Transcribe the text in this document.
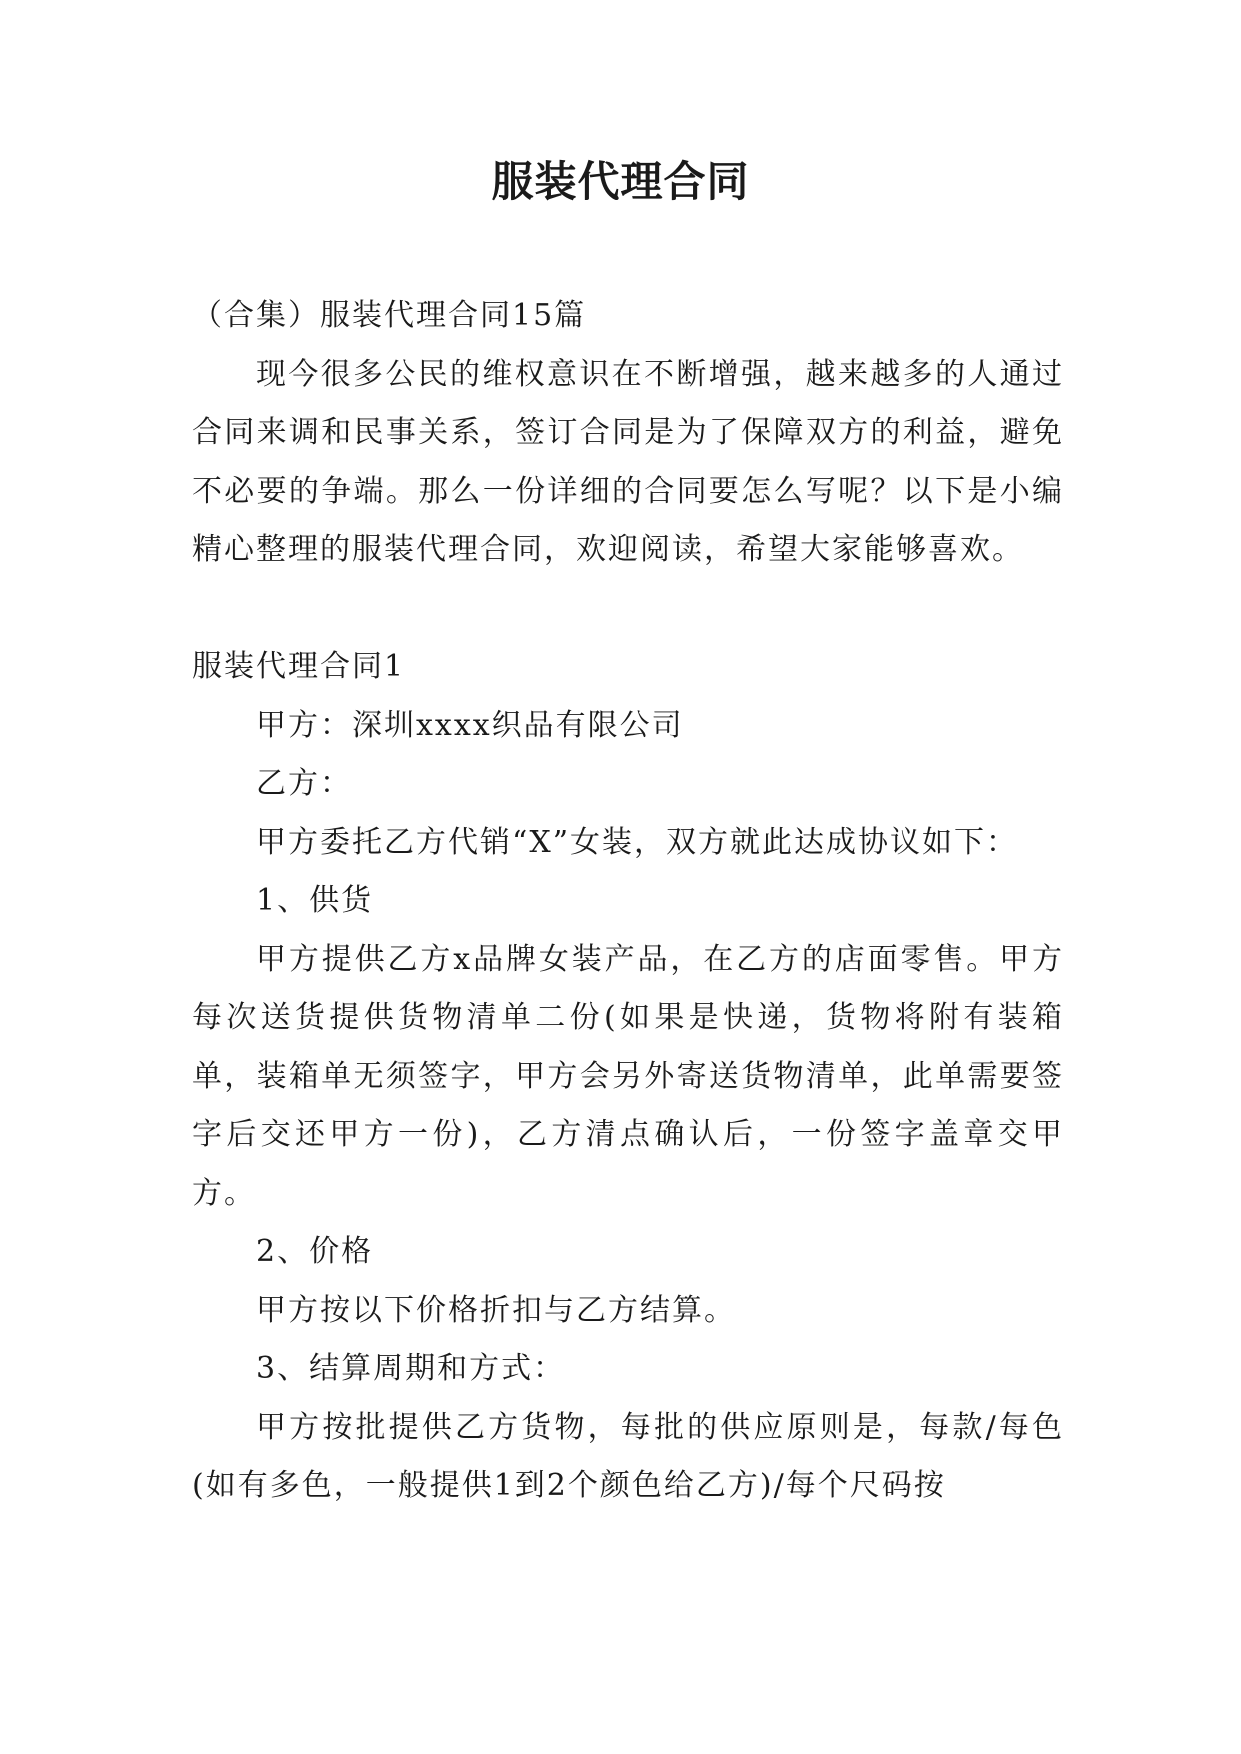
服装代理合同

（合集）服装代理合同15篇

现今很多公民的维权意识在不断增强，越来越多的人通过合同来调和民事关系，签订合同是为了保障双方的利益，避免不必要的争端。那么一份详细的合同要怎么写呢？以下是小编精心整理的服装代理合同，欢迎阅读，希望大家能够喜欢。

服装代理合同1

甲方：深圳xxxx织品有限公司

乙方：

甲方委托乙方代销“X”女装，双方就此达成协议如下：

1、供货

甲方提供乙方x品牌女装产品，在乙方的店面零售。甲方每次送货提供货物清单二份(如果是快递，货物将附有装箱单，装箱单无须签字，甲方会另外寄送货物清单，此单需要签字后交还甲方一份)，乙方清点确认后，一份签字盖章交甲方。

2、价格

甲方按以下价格折扣与乙方结算。

3、结算周期和方式：

甲方按批提供乙方货物，每批的供应原则是，每款/每色(如有多色，一般提供1到2个颜色给乙方)/每个尺码按
